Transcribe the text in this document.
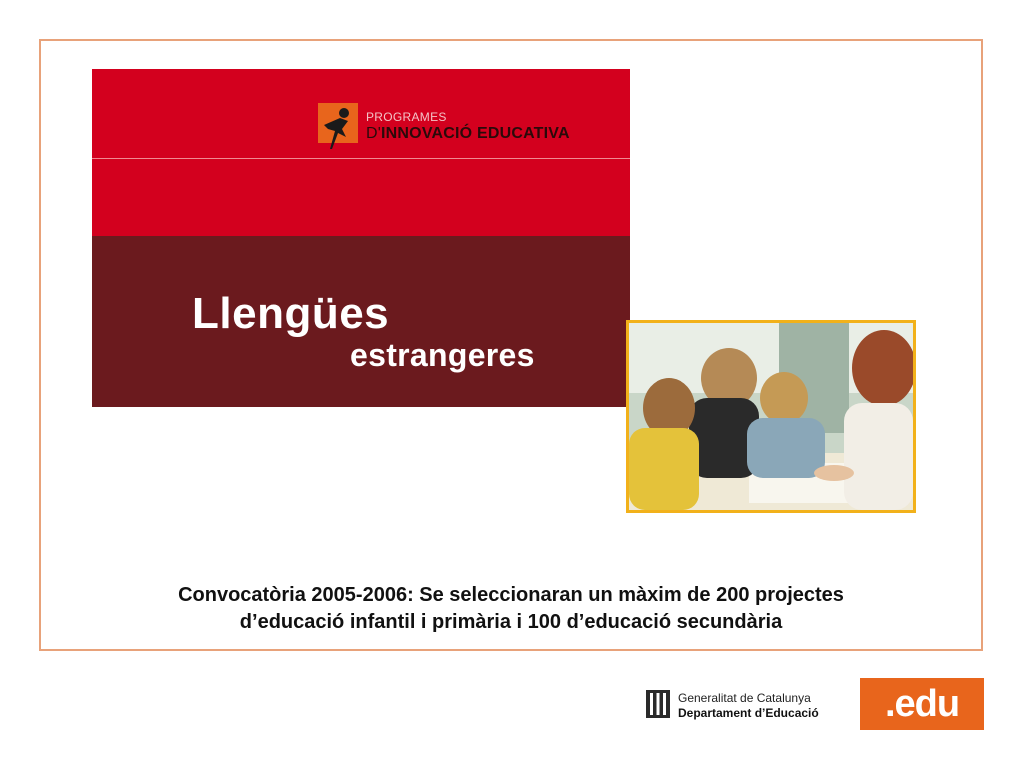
PROGRAMES
D'INNOVACIÓ EDUCATIVA
Llengües
estrangeres
Convocatòria 2005-2006: Se seleccionaran un màxim de 200 projectes
d’educació infantil i primària i 100 d’educació secundària
Generalitat de Catalunya
Departament d’Educació	.edu
